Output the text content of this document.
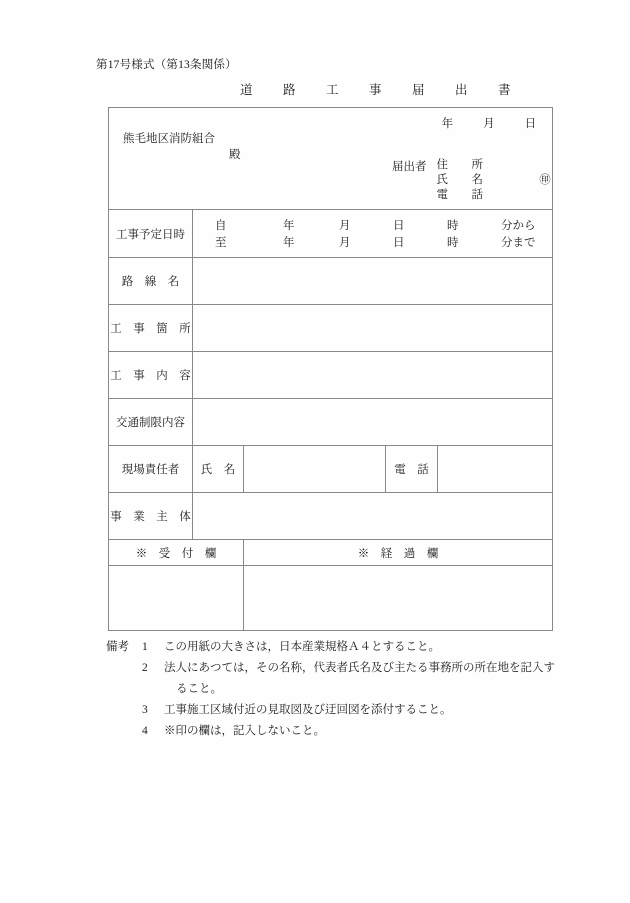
第17号様式（第13条関係）
道　路　工　事　届　出　書
年	月	日
熊毛地区消防組合
殿
届出者 住　所
氏　名	㊞
電　話

工事予定日時	自 年 月 日 時 分から
至 年 月 日 時 分まで			

路　線　名				
工　事　箇　所				
工　事　内　容				
交通制限内容				
現場責任者	氏　名		電　話	
事　業　主　体				
※　受　付　欄		※　経　過　欄		

備考	1	この用紙の大きさは，日本産業規格Ａ４とすること。
2	法人にあつては，その名称，代表者氏名及び主たる事務所の所在地を記入す
ること。
3	工事施工区域付近の見取図及び迂回図を添付すること。
4	※印の欄は，記入しないこと。
